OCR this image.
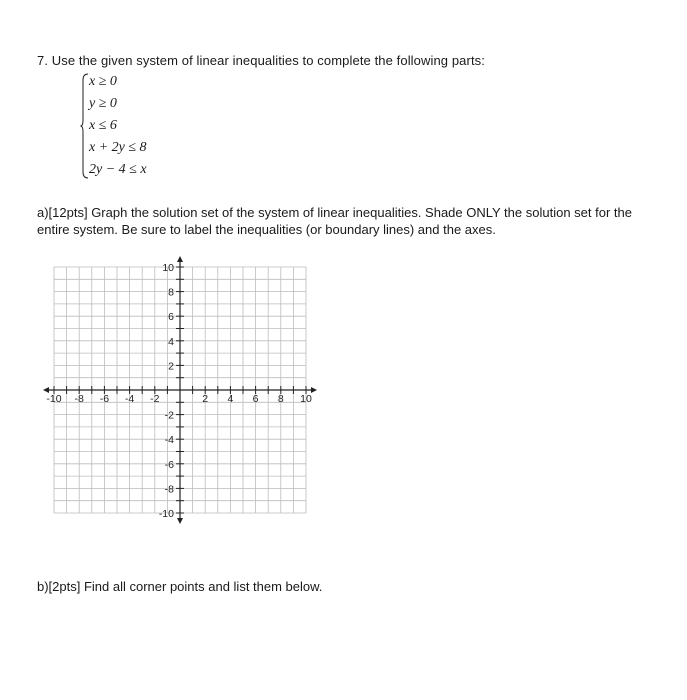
7. Use the given system of linear inequalities to complete the following parts:
x ≥ 0
y ≥ 0
x ≤ 6
x + 2y ≤ 8
2y − 4 ≤ x
a)[12pts] Graph the solution set of the system of linear inequalities. Shade ONLY the solution set for the entire system. Be sure to label the inequalities (or boundary lines) and the axes.
-10 -8 -6 -4 -2	2 4 6 8 10
10
8
6
4
2
-2
-4
-6
-8
-10
b)[2pts] Find all corner points and list them below.
